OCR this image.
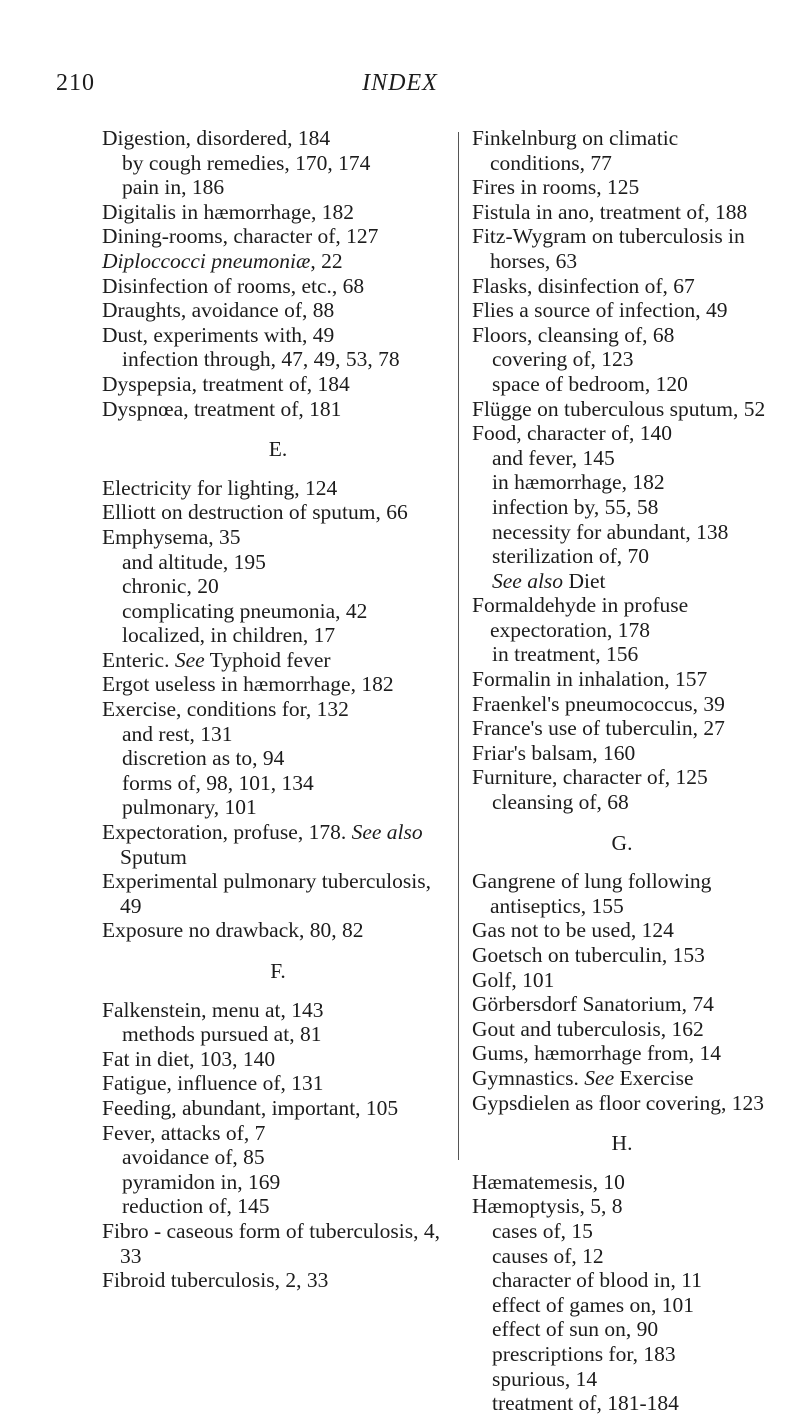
210	INDEX
Digestion, disordered, 184
by cough remedies, 170, 174
pain in, 186
Digitalis in hæmorrhage, 182
Dining-rooms, character of, 127
Diploccocci pneumoniæ, 22
Disinfection of rooms, etc., 68
Draughts, avoidance of, 88
Dust, experiments with, 49
infection through, 47, 49, 53, 78
Dyspepsia, treatment of, 184
Dyspnœa, treatment of, 181
E.
Electricity for lighting, 124
Elliott on destruction of sputum, 66
Emphysema, 35
and altitude, 195
chronic, 20
complicating pneumonia, 42
localized, in children, 17
Enteric. See Typhoid fever
Ergot useless in hæmorrhage, 182
Exercise, conditions for, 132
and rest, 131
discretion as to, 94
forms of, 98, 101, 134
pulmonary, 101
Expectoration, profuse, 178. See also Sputum
Experimental pulmonary tuberculosis, 49
Exposure no drawback, 80, 82
F.
Falkenstein, menu at, 143
methods pursued at, 81
Fat in diet, 103, 140
Fatigue, influence of, 131
Feeding, abundant, important, 105
Fever, attacks of, 7
avoidance of, 85
pyramidon in, 169
reduction of, 145
Fibro - caseous form of tuberculosis, 4, 33
Fibroid tuberculosis, 2, 33
Finkelnburg on climatic conditions, 77
Fires in rooms, 125
Fistula in ano, treatment of, 188
Fitz-Wygram on tuberculosis in horses, 63
Flasks, disinfection of, 67
Flies a source of infection, 49
Floors, cleansing of, 68
covering of, 123
space of bedroom, 120
Flügge on tuberculous sputum, 52
Food, character of, 140
and fever, 145
in hæmorrhage, 182
infection by, 55, 58
necessity for abundant, 138
sterilization of, 70
See also Diet
Formaldehyde in profuse expectoration, 178
in treatment, 156
Formalin in inhalation, 157
Fraenkel's pneumococcus, 39
France's use of tuberculin, 27
Friar's balsam, 160
Furniture, character of, 125
cleansing of, 68
G.
Gangrene of lung following antiseptics, 155
Gas not to be used, 124
Goetsch on tuberculin, 153
Golf, 101
Görbersdorf Sanatorium, 74
Gout and tuberculosis, 162
Gums, hæmorrhage from, 14
Gymnastics. See Exercise
Gypsdielen as floor covering, 123
H.
Hæmatemesis, 10
Hæmoptysis, 5, 8
cases of, 15
causes of, 12
character of blood in, 11
effect of games on, 101
effect of sun on, 90
prescriptions for, 183
spurious, 14
treatment of, 181-184
